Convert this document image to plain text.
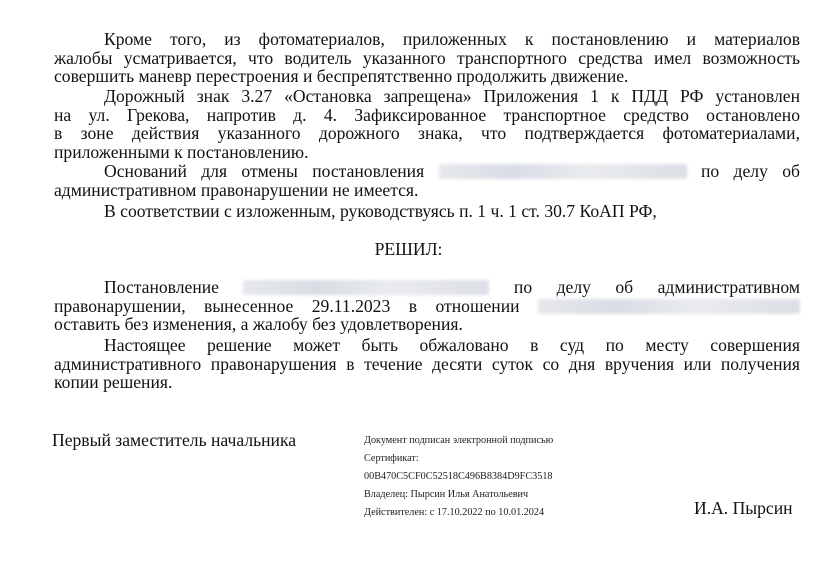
Кроме того, из фотоматериалов, приложенных к постановлению и материалов
жалобы усматривается, что водитель указанного транспортного средства имел возможность
совершить маневр перестроения и беспрепятственно продолжить движение.
Дорожный знак 3.27 «Остановка запрещена» Приложения 1 к ПДД РФ установлен
на ул. Грекова, напротив д. 4. Зафиксированное транспортное средство остановлено
в зоне действия указанного дорожного знака, что подтверждается фотоматериалами,
приложенными к постановлению.
Оснований для отмены постановления	по делу об
административном правонарушении не имеется.
В соответствии с изложенным, руководствуясь п. 1 ч. 1 ст. 30.7 КоАП РФ,
РЕШИЛ:
Постановление	по делу об административном
правонарушении, вынесенное 29.11.2023 в отношении
оставить без изменения, а жалобу без удовлетворения.
Настоящее решение может быть обжаловано в суд по месту совершения
административного правонарушения в течение десяти суток со дня вручения или получения
копии решения.
Первый заместитель начальника	Документ подписан электронной подписью
Сертификат:
00B470C5CF0C52518C496B8384D9FC3518
Владелец: Пырсин Илья Анатольевич
Действителен: с 17.10.2022 по 10.01.2024	И.А. Пырсин
